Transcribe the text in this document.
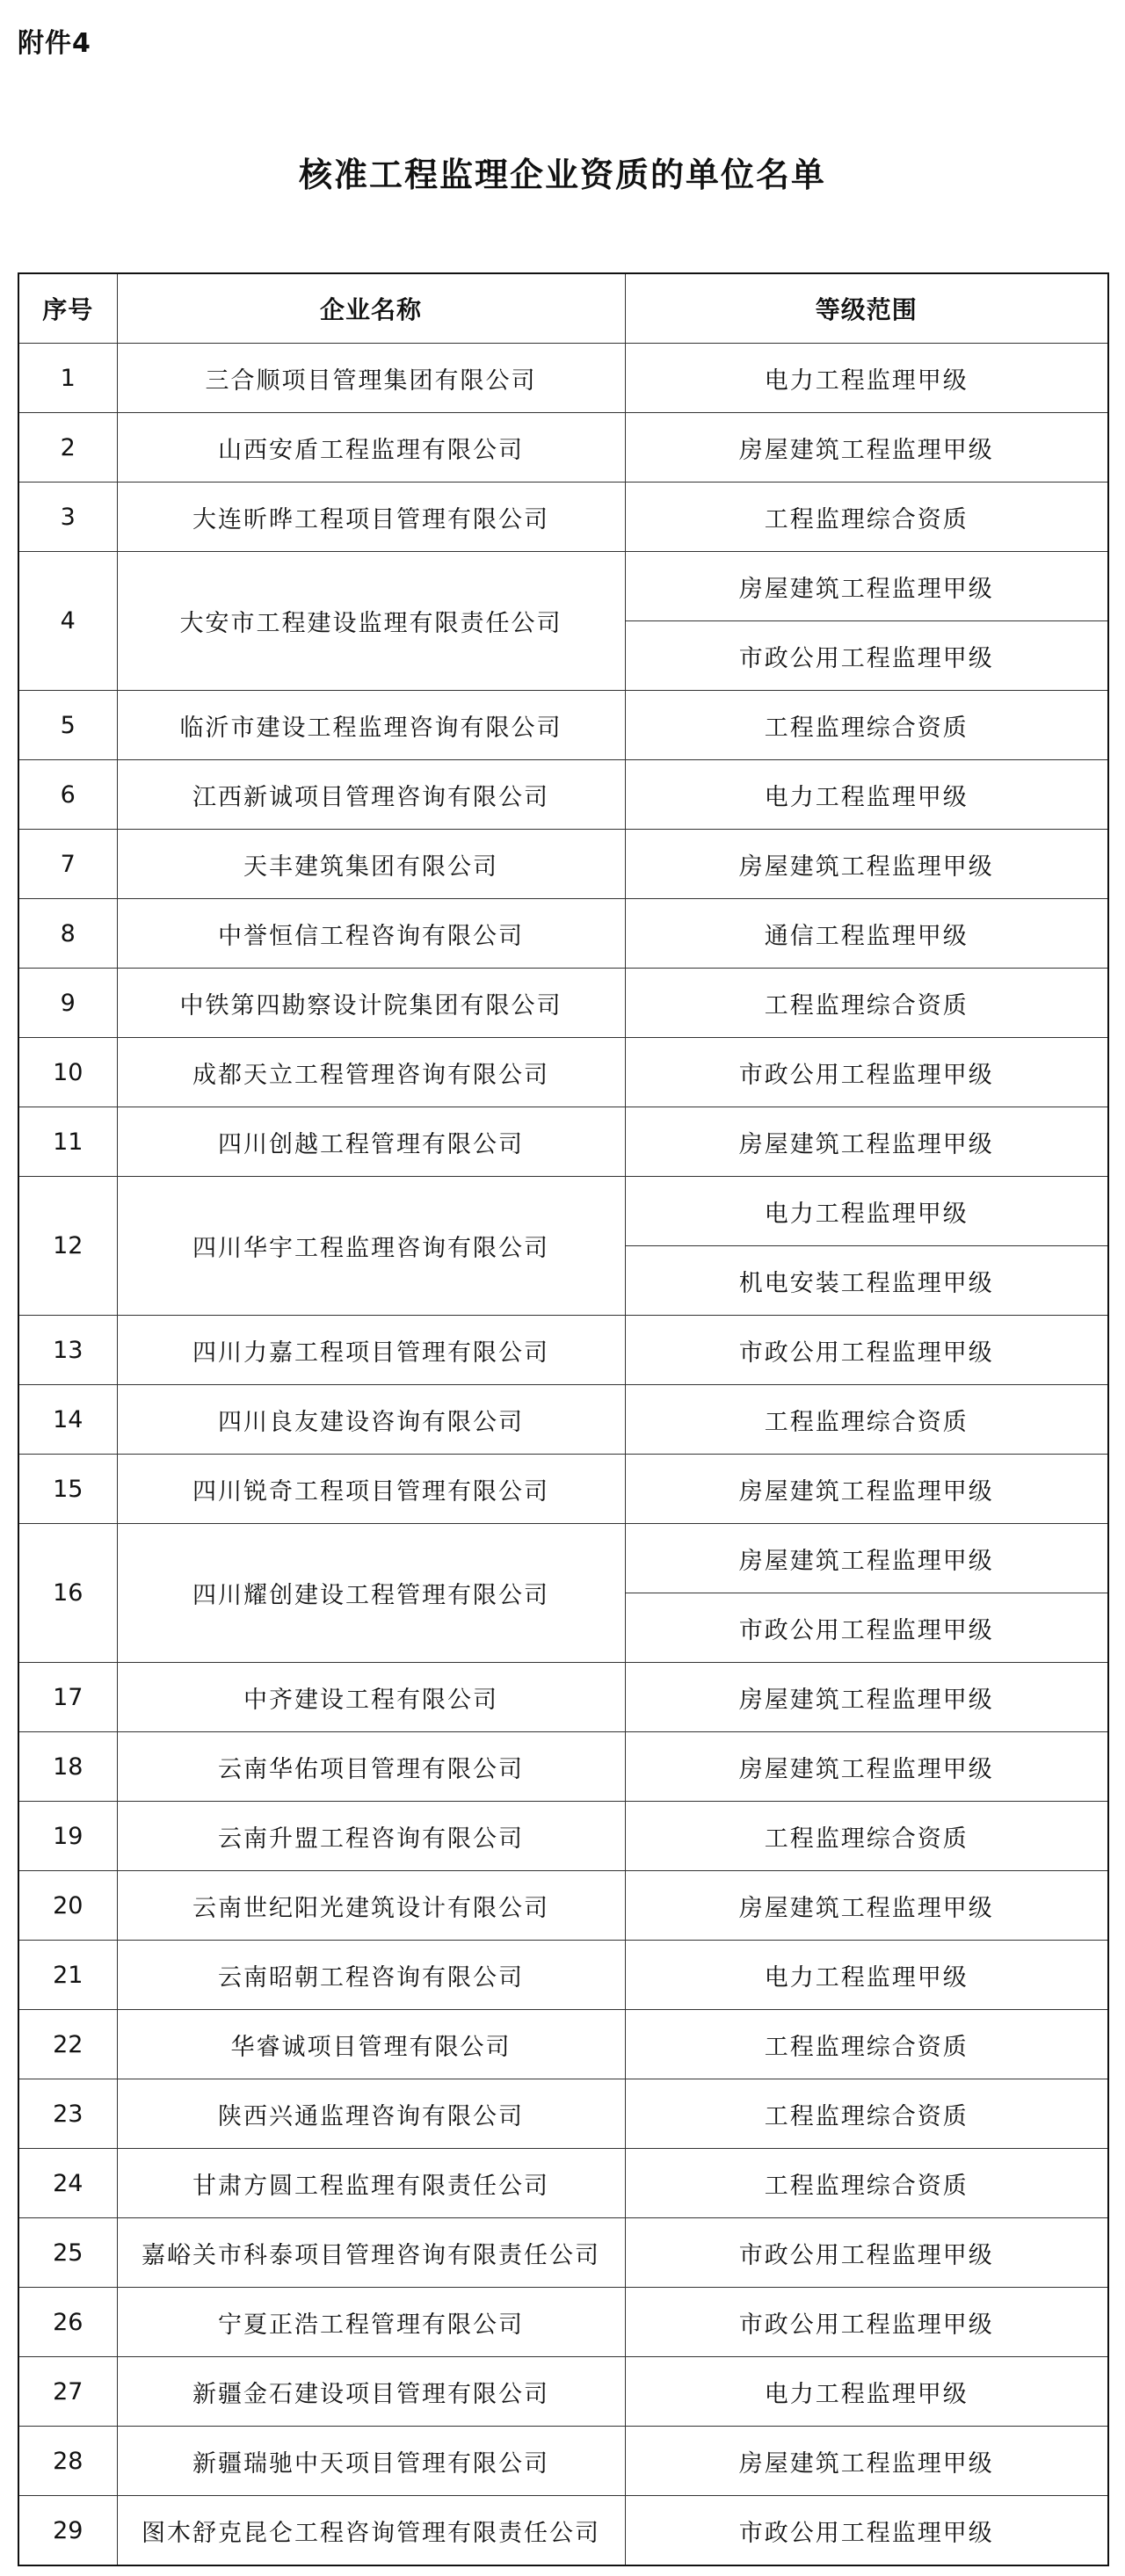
附件4
核准工程监理企业资质的单位名单
序号	企业名称	等级范围
1	三合顺项目管理集团有限公司	电力工程监理甲级
2	山西安盾工程监理有限公司	房屋建筑工程监理甲级
3	大连昕晔工程项目管理有限公司	工程监理综合资质
4	大安市工程建设监理有限责任公司	房屋建筑工程监理甲级
		市政公用工程监理甲级
5	临沂市建设工程监理咨询有限公司	工程监理综合资质
6	江西新诚项目管理咨询有限公司	电力工程监理甲级
7	天丰建筑集团有限公司	房屋建筑工程监理甲级
8	中誉恒信工程咨询有限公司	通信工程监理甲级
9	中铁第四勘察设计院集团有限公司	工程监理综合资质
10	成都天立工程管理咨询有限公司	市政公用工程监理甲级
11	四川创越工程管理有限公司	房屋建筑工程监理甲级
12	四川华宇工程监理咨询有限公司	电力工程监理甲级
		机电安装工程监理甲级
13	四川力嘉工程项目管理有限公司	市政公用工程监理甲级
14	四川良友建设咨询有限公司	工程监理综合资质
15	四川锐奇工程项目管理有限公司	房屋建筑工程监理甲级
16	四川耀创建设工程管理有限公司	房屋建筑工程监理甲级
		市政公用工程监理甲级
17	中齐建设工程有限公司	房屋建筑工程监理甲级
18	云南华佑项目管理有限公司	房屋建筑工程监理甲级
19	云南升盟工程咨询有限公司	工程监理综合资质
20	云南世纪阳光建筑设计有限公司	房屋建筑工程监理甲级
21	云南昭朝工程咨询有限公司	电力工程监理甲级
22	华睿诚项目管理有限公司	工程监理综合资质
23	陕西兴通监理咨询有限公司	工程监理综合资质
24	甘肃方圆工程监理有限责任公司	工程监理综合资质
25	嘉峪关市科泰项目管理咨询有限责任公司	市政公用工程监理甲级
26	宁夏正浩工程管理有限公司	市政公用工程监理甲级
27	新疆金石建设项目管理有限公司	电力工程监理甲级
28	新疆瑞驰中天项目管理有限公司	房屋建筑工程监理甲级
29	图木舒克昆仑工程咨询管理有限责任公司	市政公用工程监理甲级
